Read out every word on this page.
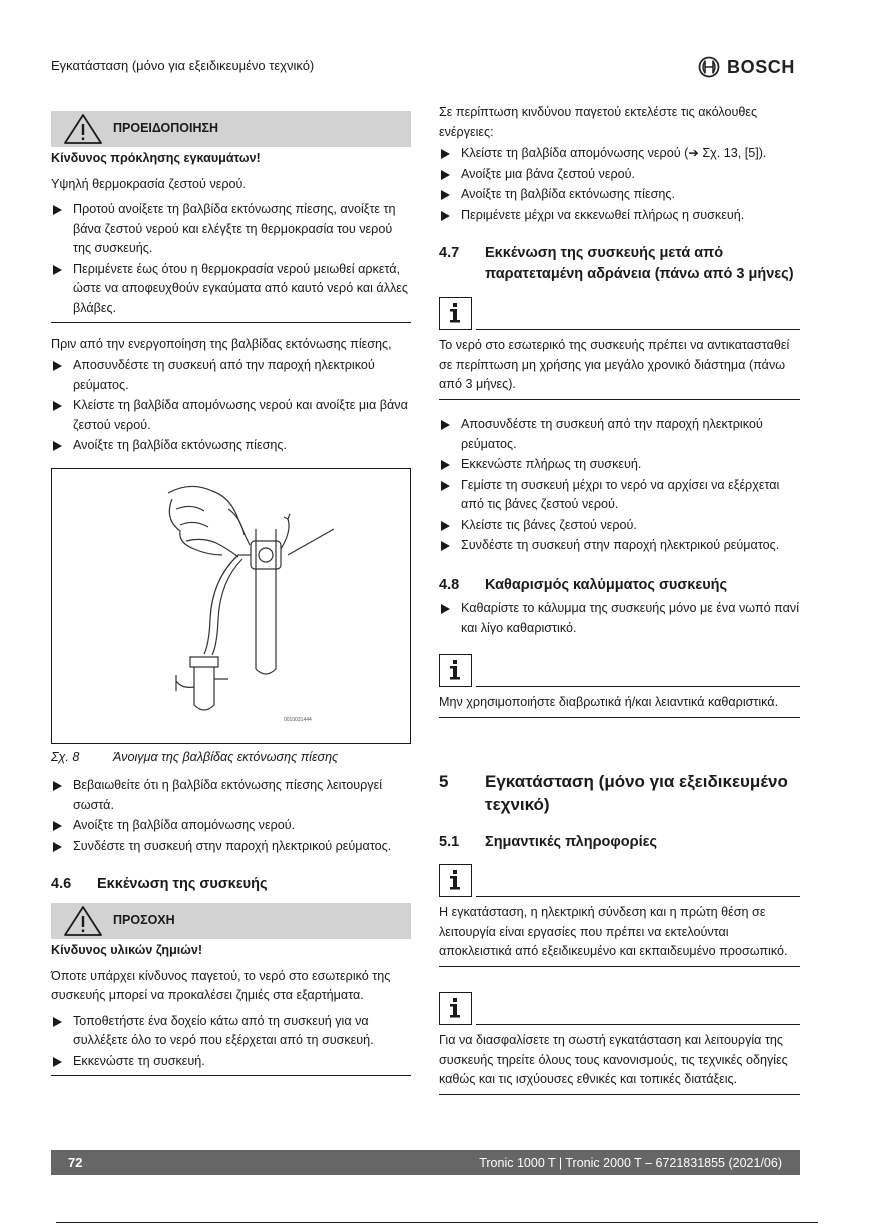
Εγκατάσταση (μόνο για εξειδικευμένο τεχνικό)	BOSCH
ΠΡΟΕΙΔΟΠΟΙΗΣΗ
Κίνδυνος πρόκλησης εγκαυμάτων!
Υψηλή θερμοκρασία ζεστού νερού.
Προτού ανοίξετε τη βαλβίδα εκτόνωσης πίεσης, ανοίξτε τη βάνα ζεστού νερού και ελέγξτε τη θερμοκρασία του νερού της συσκευής.
Περιμένετε έως ότου η θερμοκρασία νερού μειωθεί αρκετά, ώστε να αποφευχθούν εγκαύματα από καυτό νερό και άλλες βλάβες.
Πριν από την ενεργοποίηση της βαλβίδας εκτόνωσης πίεσης,
Αποσυνδέστε τη συσκευή από την παροχή ηλεκτρικού ρεύματος.
Κλείστε τη βαλβίδα απομόνωσης νερού και ανοίξτε μια βάνα ζεστού νερού.
Ανοίξτε τη βαλβίδα εκτόνωσης πίεσης.
0010031444
Σχ. 8	Άνοιγμα της βαλβίδας εκτόνωσης πίεσης
Βεβαιωθείτε ότι η βαλβίδα εκτόνωσης πίεσης λειτουργεί σωστά.
Ανοίξτε τη βαλβίδα απομόνωσης νερού.
Συνδέστε τη συσκευή στην παροχή ηλεκτρικού ρεύματος.
4.6	Εκκένωση της συσκευής
ΠΡΟΣΟΧΗ
Κίνδυνος υλικών ζημιών!
Όποτε υπάρχει κίνδυνος παγετού, το νερό στο εσωτερικό της συσκευής μπορεί να προκαλέσει ζημιές στα εξαρτήματα.
Τοποθετήστε ένα δοχείο κάτω από τη συσκευή για να συλλέξετε όλο το νερό που εξέρχεται από τη συσκευή.
Εκκενώστε τη συσκευή.
Σε περίπτωση κινδύνου παγετού εκτελέστε τις ακόλουθες ενέργειες:
Κλείστε τη βαλβίδα απομόνωσης νερού (➔ Σχ. 13, [5]).
Ανοίξτε μια βάνα ζεστού νερού.
Ανοίξτε τη βαλβίδα εκτόνωσης πίεσης.
Περιμένετε μέχρι να εκκενωθεί πλήρως η συσκευή.
4.7	Εκκένωση της συσκευής μετά από παρατεταμένη αδράνεια (πάνω από 3 μήνες)
Το νερό στο εσωτερικό της συσκευής πρέπει να αντικατασταθεί σε περίπτωση μη χρήσης για μεγάλο χρονικό διάστημα (πάνω από 3 μήνες).
Αποσυνδέστε τη συσκευή από την παροχή ηλεκτρικού ρεύματος.
Εκκενώστε πλήρως τη συσκευή.
Γεμίστε τη συσκευή μέχρι το νερό να αρχίσει να εξέρχεται από τις βάνες ζεστού νερού.
Κλείστε τις βάνες ζεστού νερού.
Συνδέστε τη συσκευή στην παροχή ηλεκτρικού ρεύματος.
4.8	Καθαρισμός καλύμματος συσκευής
Καθαρίστε το κάλυμμα της συσκευής μόνο με ένα νωπό πανί και λίγο καθαριστικό.
Μην χρησιμοποιήστε διαβρωτικά ή/και λειαντικά καθαριστικά.
5	Εγκατάσταση (μόνο για εξειδικευμένο τεχνικό)
5.1	Σημαντικές πληροφορίες
Η εγκατάσταση, η ηλεκτρική σύνδεση και η πρώτη θέση σε λειτουργία είναι εργασίες που πρέπει να εκτελούνται αποκλειστικά από εξειδικευμένο και εκπαιδευμένο προσωπικό.
Για να διασφαλίσετε τη σωστή εγκατάσταση και λειτουργία της συσκευής τηρείτε όλους τους κανονισμούς, τις τεχνικές οδηγίες καθώς και τις ισχύουσες εθνικές και τοπικές διατάξεις.
72	Tronic 1000 T | Tronic 2000 T – 6721831855 (2021/06)
